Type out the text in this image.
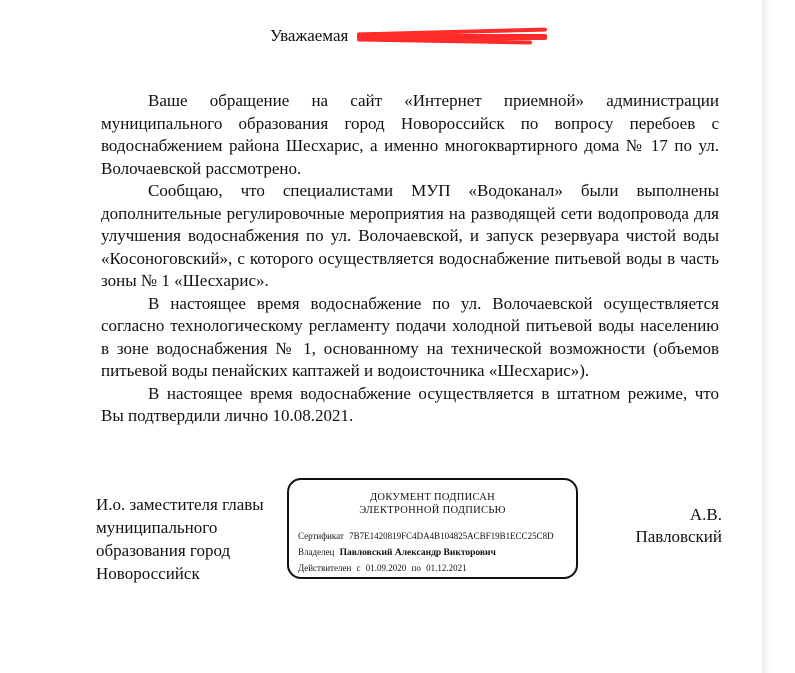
Уважаемая

Ваше обращение на сайт «Интернет приемной» администрации муниципального образования город Новороссийск по вопросу перебоев с водоснабжением района Шесхарис, а именно многоквартирного дома № 17 по ул. Волочаевской рассмотрено.

Сообщаю, что специалистами МУП «Водоканал» были выполнены дополнительные регулировочные мероприятия на разводящей сети водопровода для улучшения водоснабжения по ул. Волочаевской, и запуск резервуара чистой воды «Косоноговский», с которого осуществляется водоснабжение питьевой воды в часть зоны № 1 «Шесхарис».

В настоящее время водоснабжение по ул. Волочаевской осуществляется согласно технологическому регламенту подачи холодной питьевой воды населению в зоне водоснабжения № 1, основанному на технической возможности (объемов питьевой воды пенайских каптажей и водоисточника «Шесхарис»).

В настоящее время водоснабжение осуществляется в штатном режиме, что Вы подтвердили лично 10.08.2021.

И.о. заместителя главы
муниципального
образования город
Новороссийск
ДОКУМЕНТ ПОДПИСАН
ЭЛЕКТРОННОЙ ПОДПИСЬЮ
Сертификат 7B7E1420819FC4DA4B104825ACBF19B1ECC25C8D
Владелец Павловский Александр Викторович
Действителен с 01.09.2020 по 01.12.2021
А.В.
Павловский
